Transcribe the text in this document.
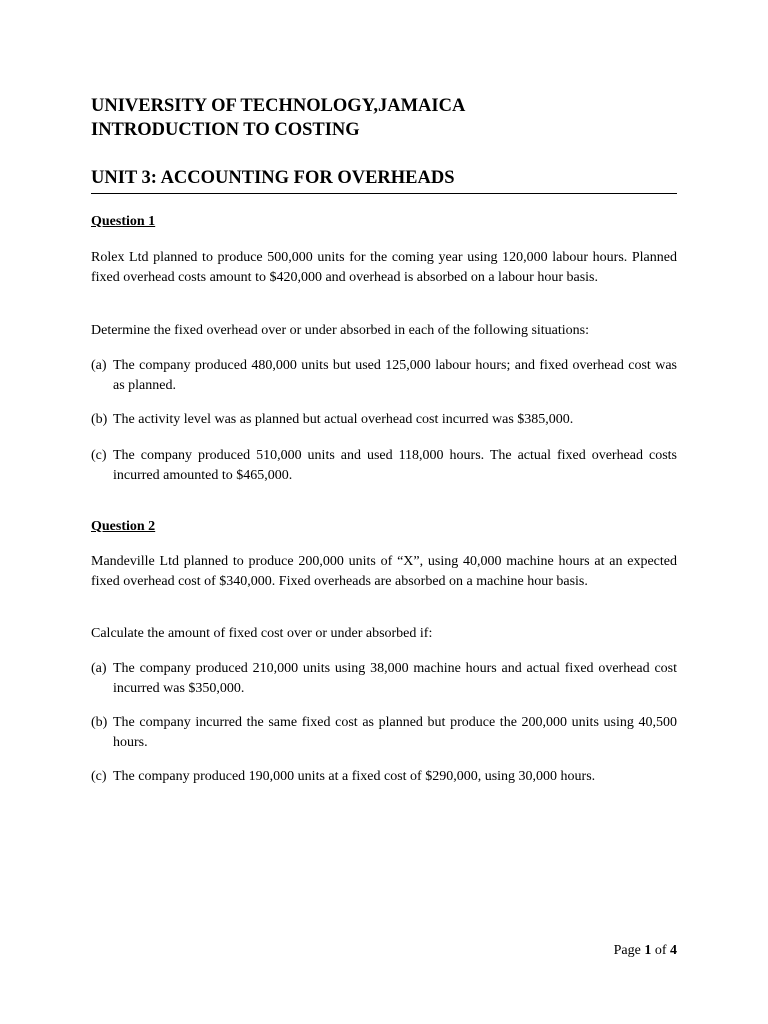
UNIVERSITY OF TECHNOLOGY,JAMAICA

INTRODUCTION TO COSTING

UNIT 3: ACCOUNTING FOR OVERHEADS

Question 1

Rolex Ltd planned to produce 500,000 units for the coming year using 120,000 labour hours. Planned fixed overhead costs amount to $420,000 and overhead is absorbed on a labour hour basis.

Determine the fixed overhead over or under absorbed in each of the following situations:

(a) The company produced 480,000 units but used 125,000 labour hours; and fixed overhead cost was as planned.
(b) The activity level was as planned but actual overhead cost incurred was $385,000.
(c) The company produced 510,000 units and used 118,000 hours. The actual fixed overhead costs incurred amounted to $465,000.

Question 2

Mandeville Ltd planned to produce 200,000 units of “X”, using 40,000 machine hours at an expected fixed overhead cost of $340,000. Fixed overheads are absorbed on a machine hour basis.

Calculate the amount of fixed cost over or under absorbed if:

(a) The company produced 210,000 units using 38,000 machine hours and actual fixed overhead cost incurred was $350,000.
(b) The company incurred the same fixed cost as planned but produce the 200,000 units using 40,500 hours.
(c) The company produced 190,000 units at a fixed cost of $290,000, using 30,000 hours.
Page 1 of 4
